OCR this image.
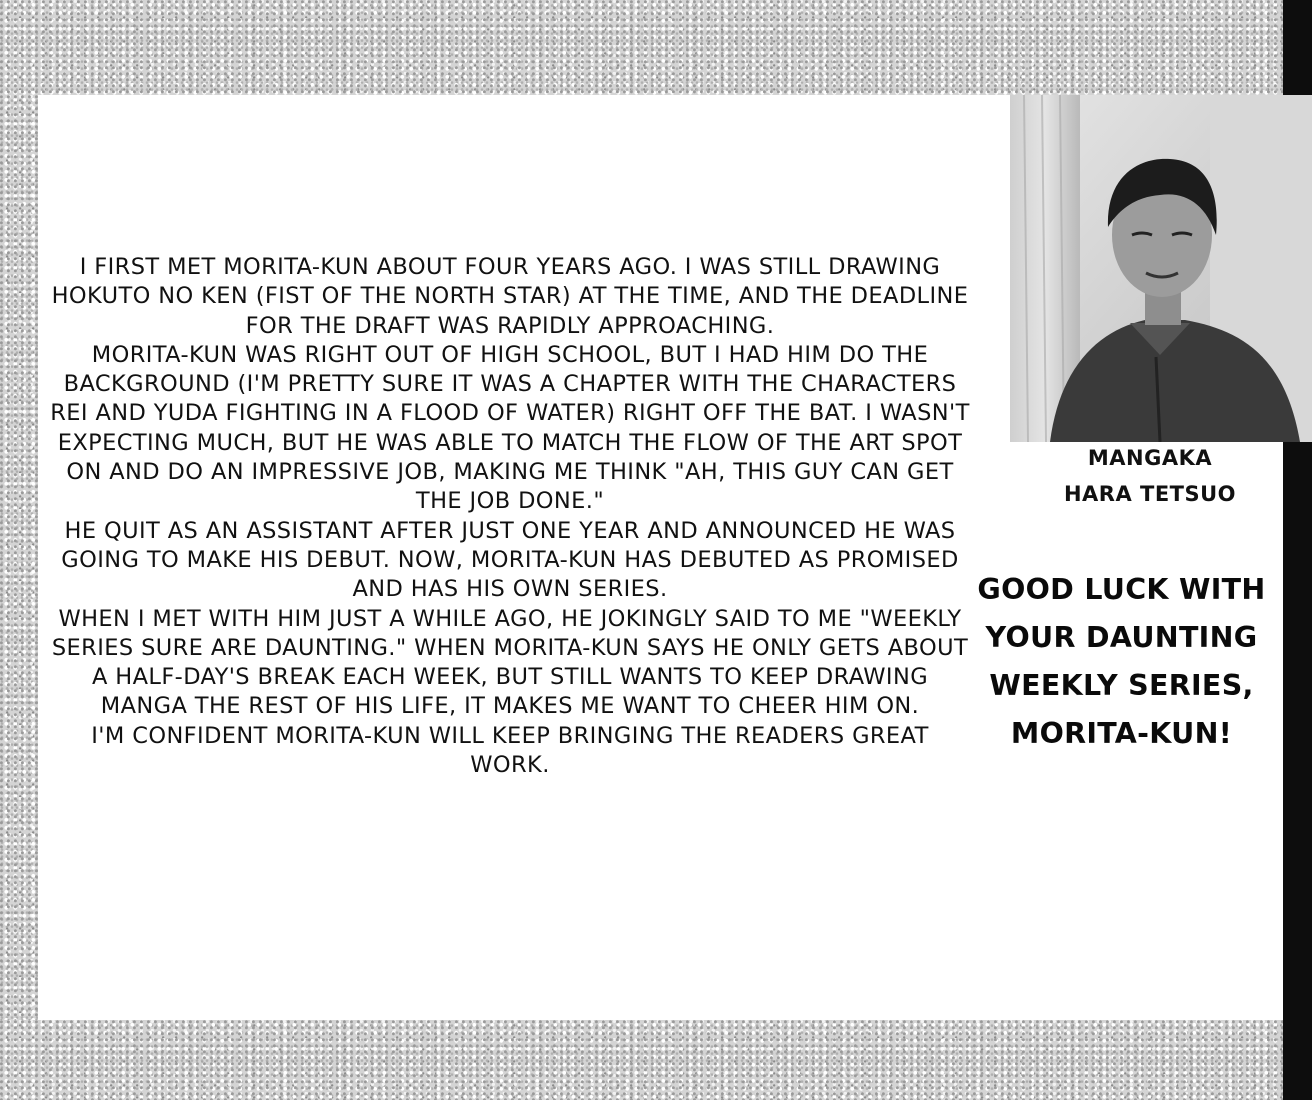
I FIRST MET MORITA-KUN ABOUT FOUR YEARS AGO. I WAS STILL DRAWING HOKUTO NO KEN (FIST OF THE NORTH STAR) AT THE TIME, AND THE DEADLINE FOR THE DRAFT WAS RAPIDLY APPROACHING.

MORITA-KUN WAS RIGHT OUT OF HIGH SCHOOL, BUT I HAD HIM DO THE BACKGROUND (I'M PRETTY SURE IT WAS A CHAPTER WITH THE CHARACTERS REI AND YUDA FIGHTING IN A FLOOD OF WATER) RIGHT OFF THE BAT. I WASN'T EXPECTING MUCH, BUT HE WAS ABLE TO MATCH THE FLOW OF THE ART SPOT ON AND DO AN IMPRESSIVE JOB, MAKING ME THINK "AH, THIS GUY CAN GET THE JOB DONE."

HE QUIT AS AN ASSISTANT AFTER JUST ONE YEAR AND ANNOUNCED HE WAS GOING TO MAKE HIS DEBUT. NOW, MORITA-KUN HAS DEBUTED AS PROMISED AND HAS HIS OWN SERIES.

WHEN I MET WITH HIM JUST A WHILE AGO, HE JOKINGLY SAID TO ME "WEEKLY SERIES SURE ARE DAUNTING." WHEN MORITA-KUN SAYS HE ONLY GETS ABOUT A HALF-DAY'S BREAK EACH WEEK, BUT STILL WANTS TO KEEP DRAWING MANGA THE REST OF HIS LIFE, IT MAKES ME WANT TO CHEER HIM ON.

I'M CONFIDENT MORITA-KUN WILL KEEP BRINGING THE READERS GREAT WORK.

MANGAKA
HARA TETSUO
GOOD LUCK WITH
YOUR DAUNTING
WEEKLY SERIES,
MORITA-KUN!
